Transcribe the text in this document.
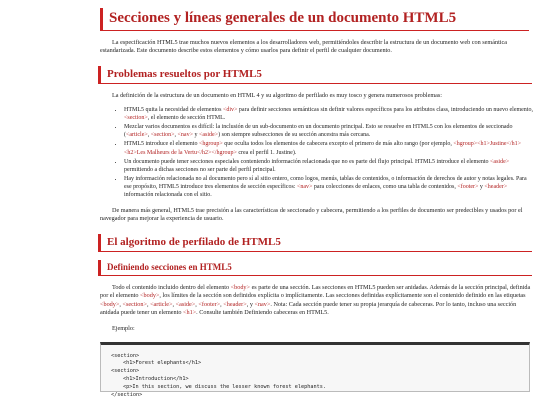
Secciones y líneas generales de un documento HTML5

La especificación HTML5 trae muchos nuevos elementos a los desarrolladores web, permitiéndoles describir la estructura de un documento web con semántica estandarizada. Este documento describe estos elementos y cómo usarlos para definir el perfil de cualquier documento.

Problemas resueltos por HTML5

La definición de la estructura de un documento en HTML 4 y su algoritmo de perfilado es muy tosco y genera numerosos problemas:

• HTML5 quita la necesidad de elementos <div> para definir secciones semánticas sin definir valores específicos para los atributos class, introduciendo un nuevo elemento, <section>, el elemento de sección HTML.
• Mezclar varios documentos es difícil: la inclusión de un sub-documento en un documento principal. Esto se resuelve en HTML5 con los elementos de seccionado (<article>, <section>, <nav> y <aside>) son siempre subsecciones de su sección ancestra más cercana.
• HTML5 introduce el elemento <hgroup> que oculta todos los elementos de cabecera excepto el primero de más alto rango (por ejemplo, <hgroup><h1>Justine</h1><h2>Les Malheurs de la Vertu</h2></hgroup> crea el perfil 1. Justine).
• Un documento puede tener secciones especiales conteniendo información relacionada que no es parte del flujo principal. HTML5 introduce el elemento <aside> permitiendo a dichas secciones no ser parte del perfil principal.
• Hay información relacionada no al documento pero sí al sitio entero, como logos, menús, tablas de contenidos, o información de derechos de autor y notas legales. Para ese propósito, HTML5 introduce tres elementos de sección específicos: <nav> para colecciones de enlaces, como una tabla de contenidos, <footer> y <header> información relacionada con el sitio.

De manera más general, HTML5 trae precisión a las características de seccionado y cabecera, permitiendo a los perfiles de documento ser predecibles y usados por el navegador para mejorar la experiencia de usuario.

El algoritmo de perfilado de HTML5
Definiendo secciones en HTML5

Todo el contenido incluido dentro del elemento <body> es parte de una sección. Las secciones en HTML5 pueden ser anidadas. Además de la sección principal, definida por el elemento <body>, los límites de la sección son definidos explícita o implícitamente. Las secciones definidas explícitamente son el contenido definido en las etiquetas <body>, <section>, <article>, <aside>, <footer>, <header>, y <nav>. Nota: Cada sección puede tener su propia jerarquía de cabeceras. Por lo tanto, incluso una sección anidada puede tener un elemento <h1>. Consulte también Definiendo cabeceras en HTML5.

Ejemplo:

<section>
<h1>Forest elephants</h1>
<section>
<h1>Introduction</h1>
<p>In this section, we discuss the lesser known forest elephants.
</section>
